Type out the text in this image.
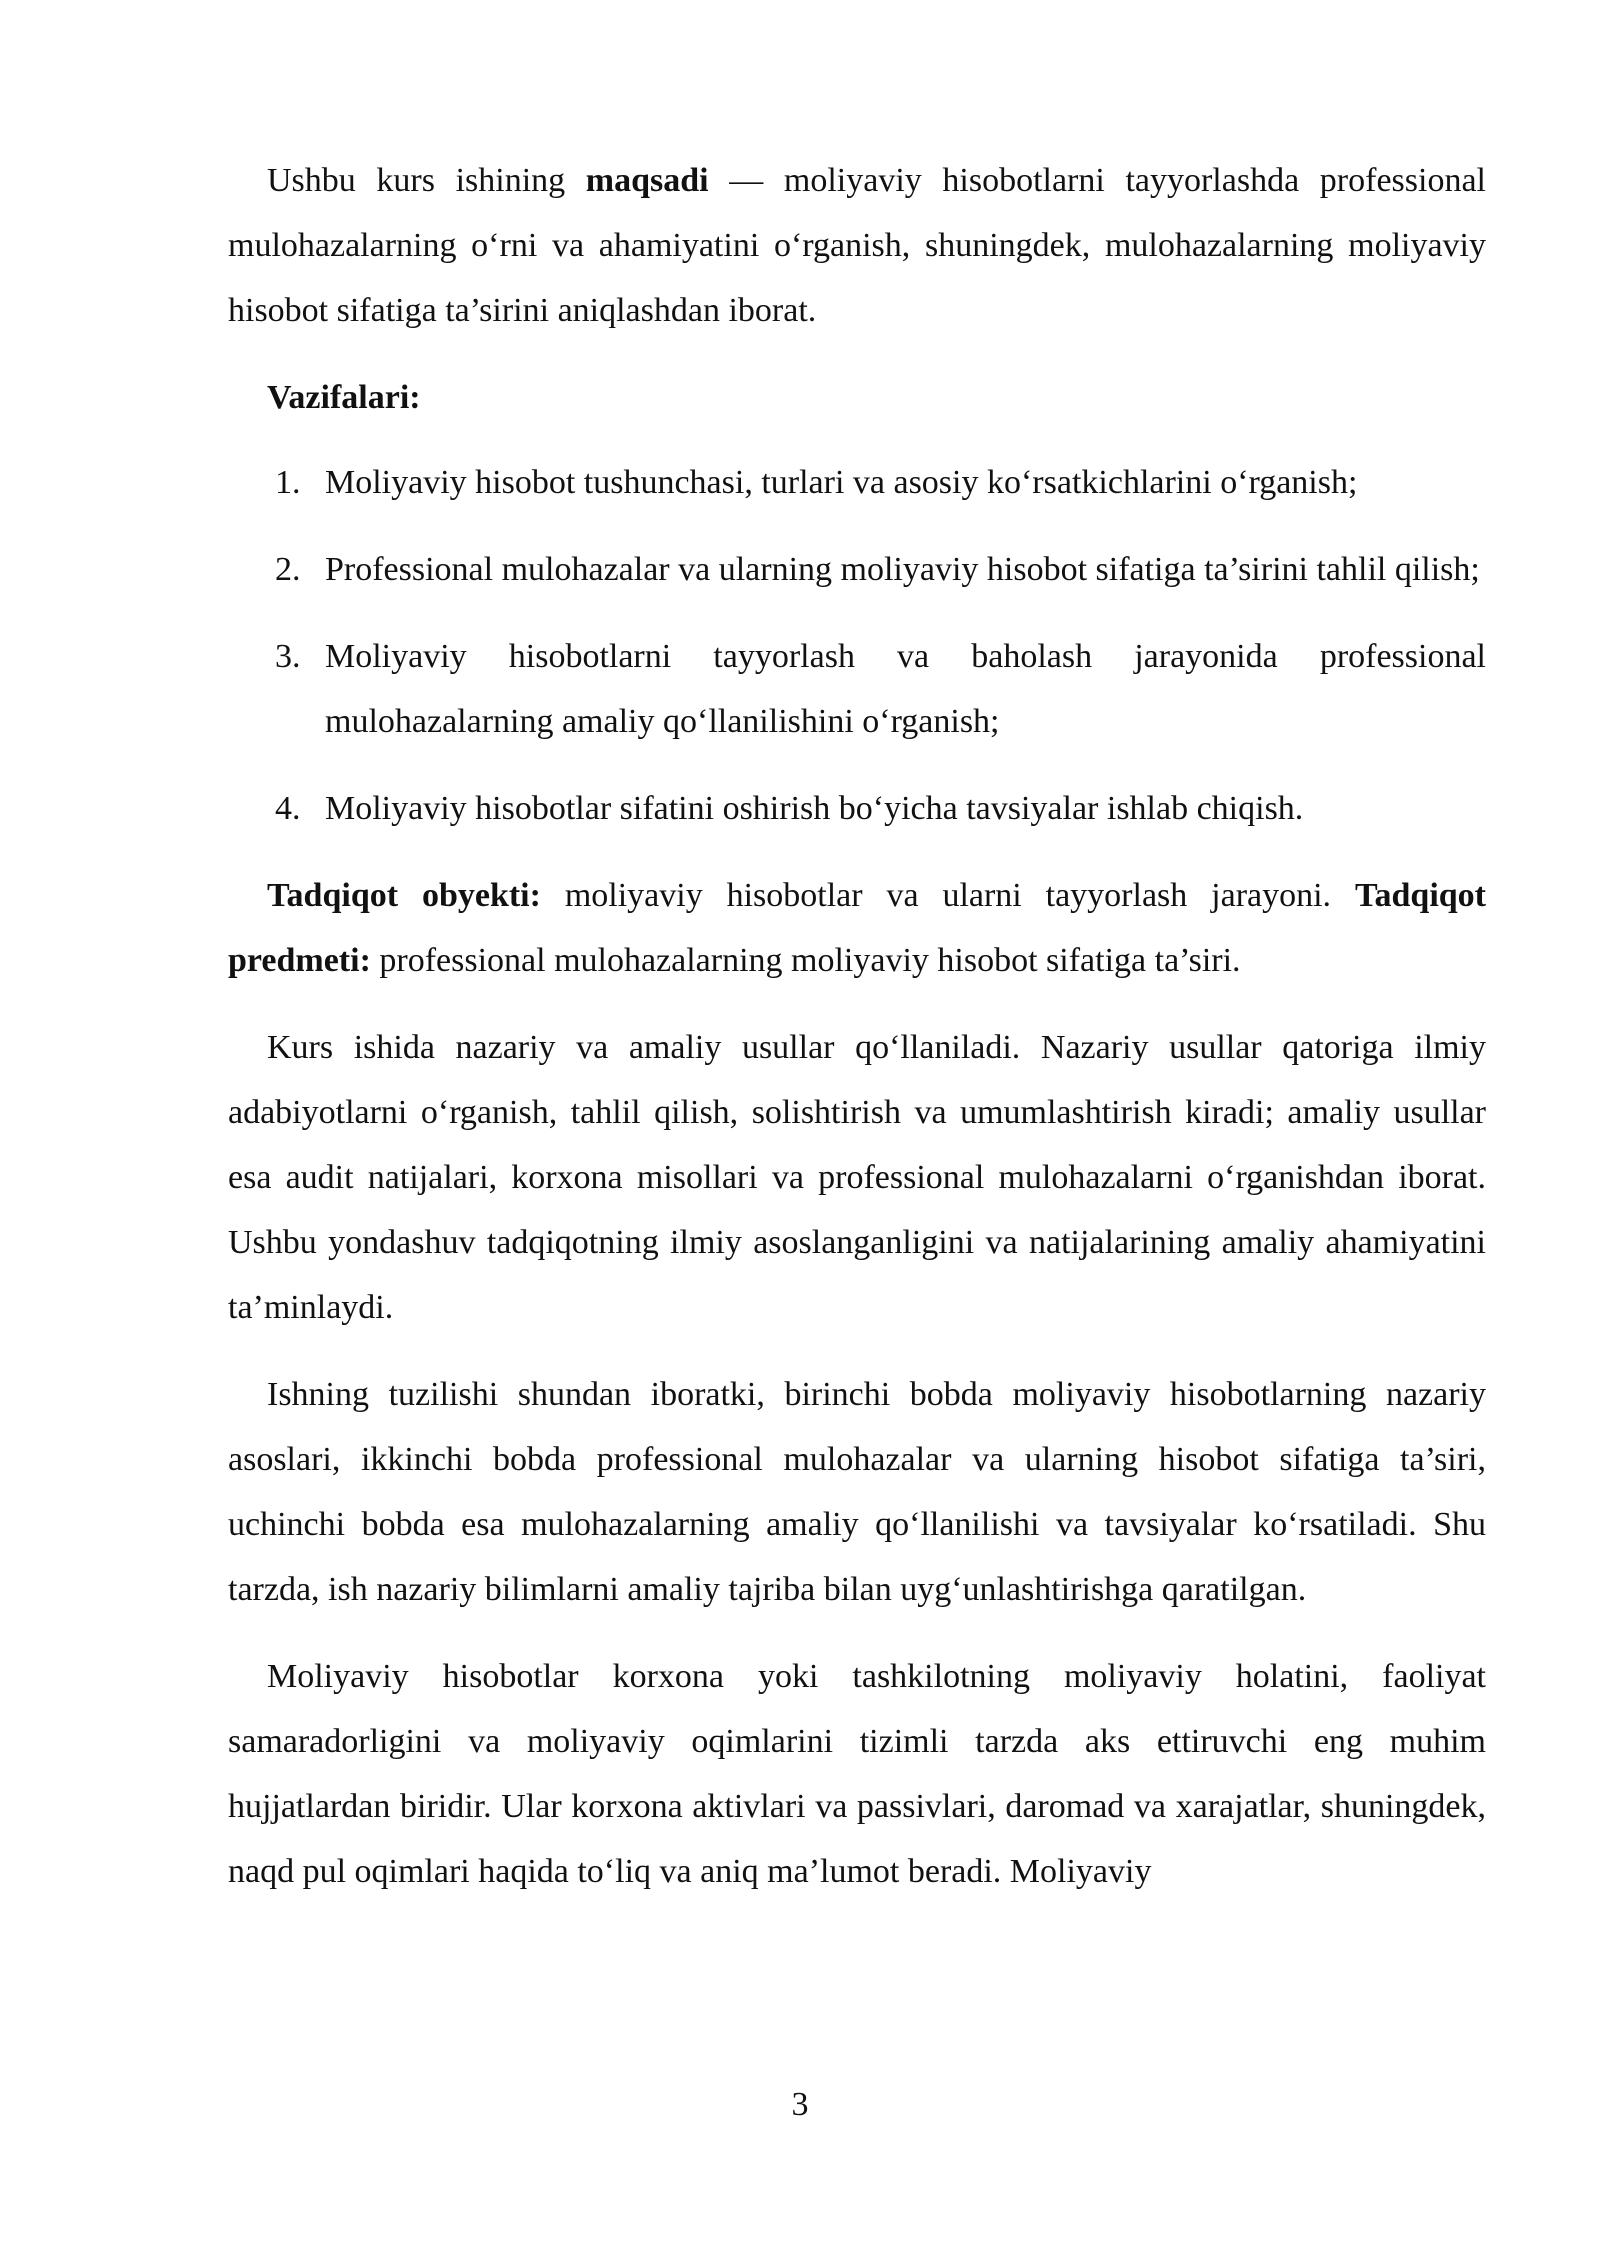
Ushbu kurs ishining maqsadi — moliyaviy hisobotlarni tayyorlashda professional mulohazalarning o‘rni va ahamiyatini o‘rganish, shuningdek, mulohazalarning moliyaviy hisobot sifatiga ta’sirini aniqlashdan iborat.

Vazifalari:
1. Moliyaviy hisobot tushunchasi, turlari va asosiy ko‘rsatkichlarini o‘rganish;
2. Professional mulohazalar va ularning moliyaviy hisobot sifatiga ta’sirini tahlil qilish;
3. Moliyaviy hisobotlarni tayyorlash va baholash jarayonida professional mulohazalarning amaliy qo‘llanilishini o‘rganish;
4. Moliyaviy hisobotlar sifatini oshirish bo‘yicha tavsiyalar ishlab chiqish.

Tadqiqot obyekti: moliyaviy hisobotlar va ularni tayyorlash jarayoni. Tadqiqot predmeti: professional mulohazalarning moliyaviy hisobot sifatiga ta’siri.

Kurs ishida nazariy va amaliy usullar qo‘llaniladi. Nazariy usullar qatoriga ilmiy adabiyotlarni o‘rganish, tahlil qilish, solishtirish va umumlashtirish kiradi; amaliy usullar esa audit natijalari, korxona misollari va professional mulohazalarni o‘rganishdan iborat. Ushbu yondashuv tadqiqotning ilmiy asoslanganligini va natijalarining amaliy ahamiyatini ta’minlaydi.

Ishning tuzilishi shundan iboratki, birinchi bobda moliyaviy hisobotlarning nazariy asoslari, ikkinchi bobda professional mulohazalar va ularning hisobot sifatiga ta’siri, uchinchi bobda esa mulohazalarning amaliy qo‘llanilishi va tavsiyalar ko‘rsatiladi. Shu tarzda, ish nazariy bilimlarni amaliy tajriba bilan uyg‘unlashtirishga qaratilgan.

Moliyaviy hisobotlar korxona yoki tashkilotning moliyaviy holatini, faoliyat samaradorligini va moliyaviy oqimlarini tizimli tarzda aks ettiruvchi eng muhim hujjatlardan biridir. Ular korxona aktivlari va passivlari, daromad va xarajatlar, shuningdek, naqd pul oqimlari haqida to‘liq va aniq ma’lumot beradi. Moliyaviy

3
